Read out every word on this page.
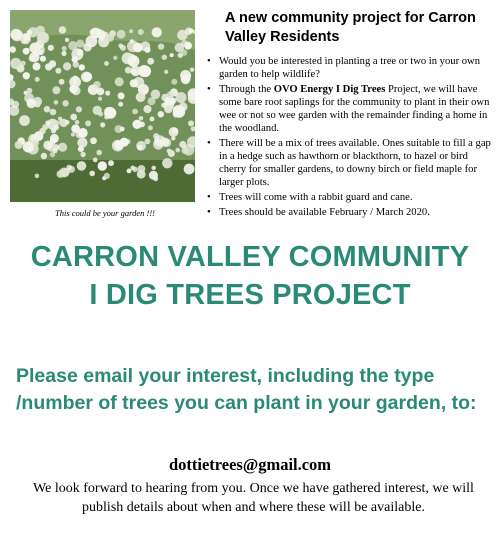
This could be your garden !!!
A new community project for Carron Valley Residents
• Would you be interested in planting a tree or two in your own garden to help wildlife?
• Through the OVO Energy I Dig Trees Project, we will have some bare root saplings for the community to plant in their own wee or not so wee garden with the remainder finding a home in the woodland.
• There will be a mix of trees available. Ones suitable to fill a gap in a hedge such as hawthorn or blackthorn, to hazel or bird cherry for smaller gardens, to downy birch or field maple for larger plots.
• Trees will come with a rabbit guard and cane.
• Trees should be available February / March 2020.
CARRON VALLEY COMMUNITY
I DIG TREES PROJECT
Please email your interest, including the type /number of trees you can plant in your garden, to:
dottietrees@gmail.com
We look forward to hearing from you. Once we have gathered interest, we will publish details about when and where these will be available.
